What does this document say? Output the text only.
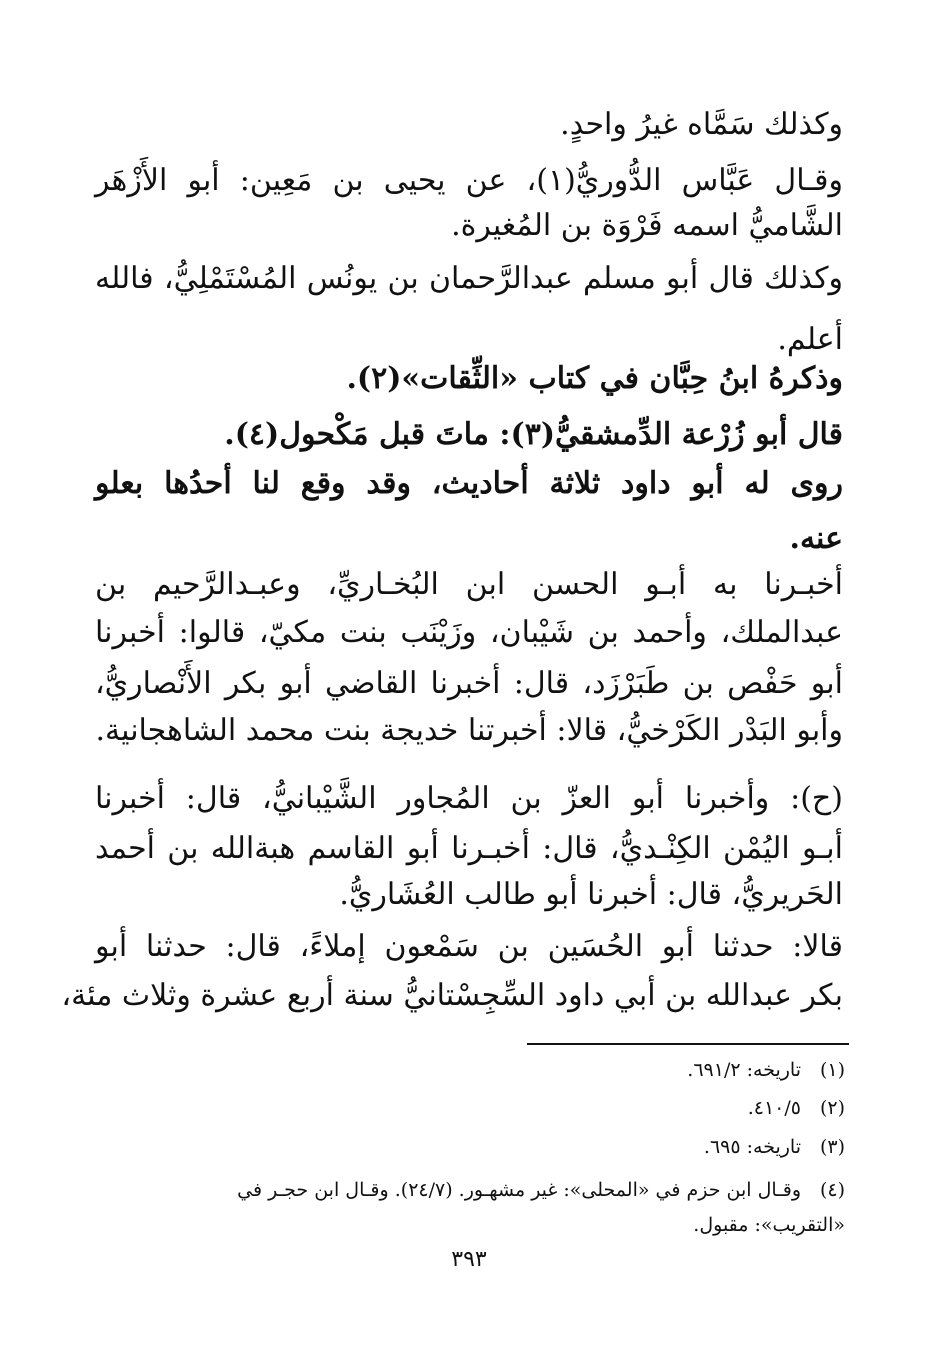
وكذلك سَمَّاه غيرُ واحدٍ.
وقـال عَبَّاس الدُّوريُّ(١)، عن يحيى بن مَعِين: أبو الأَزْهَر
الشَّاميُّ اسمه فَرْوَة بن المُغيرة.
وكذلك قال أبو مسلم عبدالرَّحمان بن يونُس المُسْتَمْلِيُّ، فالله
أعلم.
وذكرهُ ابنُ حِبَّان في كتاب «الثِّقات»(٢).
قال أبو زُرْعة الدِّمشقيُّ(٣): ماتَ قبل مَكْحول(٤).
روى له أبو داود ثلاثة أحاديث، وقد وقع لنا أحدُها بعلو
عنه.
أخبـرنا به أبـو الحسن ابن البُخـاريِّ، وعبـدالرَّحيم بن
عبدالملك، وأحمد بن شَيْبان، وزَيْنَب بنت مكيّ، قالوا: أخبرنا
أبو حَفْص بن طَبَرْزَد، قال: أخبرنا القاضي أبو بكر الأَنْصاريُّ،
وأبو البَدْر الكَرْخيُّ، قالا: أخبرتنا خديجة بنت محمد الشاهجانية.
(ح): وأخبرنا أبو العزّ بن المُجاور الشَّيْبانيُّ، قال: أخبرنا
أبـو اليُمْن الكِنْـديُّ، قال: أخبـرنا أبو القاسم هبةالله بن أحمد
الحَريريُّ، قال: أخبرنا أبو طالب العُشَاريُّ.
قالا: حدثنا أبو الحُسَين بن سَمْعون إملاءً، قال: حدثنا أبو
بكر عبدالله بن أبي داود السِّجِسْتانيُّ سنة أربع عشرة وثلاث مئة،
(١)تاريخه: ٦٩١/٢.
(٢)٤١٠/٥.
(٣)تاريخه: ٦٩٥.
(٤)وقـال ابن حزم في «المحلى»: غير مشهـور. (٢٤/٧). وقـال ابن حجـر في
«التقريب»: مقبول.
٣٩٣
